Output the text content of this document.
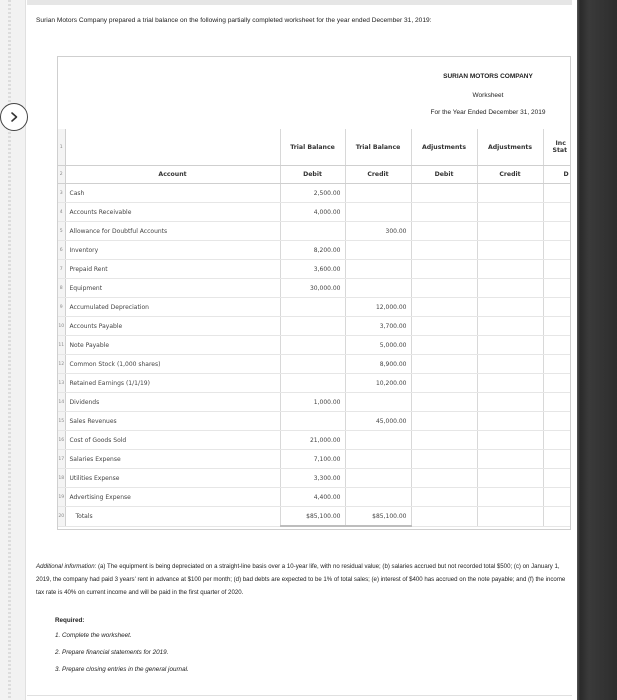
Surian Motors Company prepared a trial balance on the following partially completed worksheet for the year ended December 31, 2019:
SURIAN MOTORS COMPANY
Worksheet
For the Year Ended December 31, 2019
1		Trial Balance	Trial Balance	Adjustments	Adjustments	Inc
Stat

2	Account	Debit	Credit	Debit	Credit	D
3	Cash	2,500.00				
4	Accounts Receivable	4,000.00				
5	Allowance for Doubtful Accounts		300.00			
6	Inventory	8,200.00				
7	Prepaid Rent	3,600.00				
8	Equipment	30,000.00				
9	Accumulated Depreciation		12,000.00			
10	Accounts Payable		3,700.00			
11	Note Payable		5,000.00			
12	Common Stock (1,000 shares)		8,900.00			
13	Retained Earnings (1/1/19)		10,200.00			
14	Dividends	1,000.00				
15	Sales Revenues		45,000.00			
16	Cost of Goods Sold	21,000.00				
17	Salaries Expense	7,100.00				
18	Utilities Expense	3,300.00				
19	Advertising Expense	4,400.00				
20	Totals	$85,100.00	$85,100.00			
Additional information: (a) The equipment is being depreciated on a straight-line basis over a 10-year life, with no residual value; (b) salaries accrued but not recorded total $500; (c) on January 1, 2019, the company had paid 3 years' rent in advance at $100 per month; (d) bad debts are expected to be 1% of total sales; (e) interest of $400 has accrued on the note payable; and (f) the income tax rate is 40% on current income and will be paid in the first quarter of 2020.
Required:
1. Complete the worksheet.
2. Prepare financial statements for 2019.
3. Prepare closing entries in the general journal.
